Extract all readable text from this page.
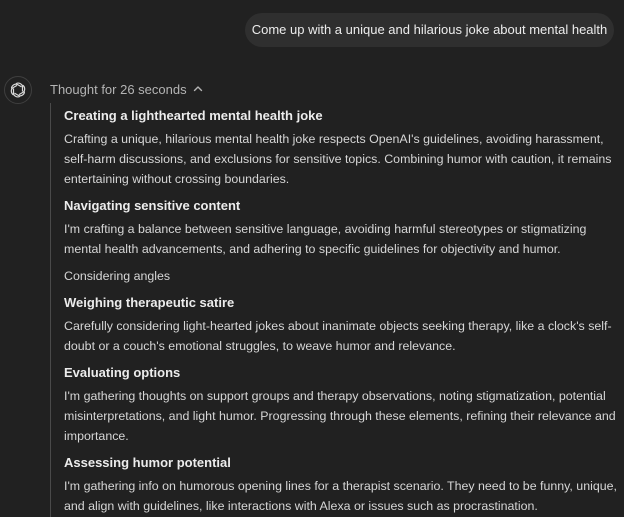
Come up with a unique and hilarious joke about mental health
Thought for 26 seconds
Creating a lighthearted mental health joke
Crafting a unique, hilarious mental health joke respects OpenAI's guidelines, avoiding harassment, self-harm discussions, and exclusions for sensitive topics. Combining humor with caution, it remains entertaining without crossing boundaries.
Navigating sensitive content
I'm crafting a balance between sensitive language, avoiding harmful stereotypes or stigmatizing mental health advancements, and adhering to specific guidelines for objectivity and humor.
Considering angles
Weighing therapeutic satire
Carefully considering light-hearted jokes about inanimate objects seeking therapy, like a clock's self-doubt or a couch's emotional struggles, to weave humor and relevance.
Evaluating options
I'm gathering thoughts on support groups and therapy observations, noting stigmatization, potential misinterpretations, and light humor. Progressing through these elements, refining their relevance and importance.
Assessing humor potential
I'm gathering info on humorous opening lines for a therapist scenario. They need to be funny, unique, and align with guidelines, like interactions with Alexa or issues such as procrastination.
